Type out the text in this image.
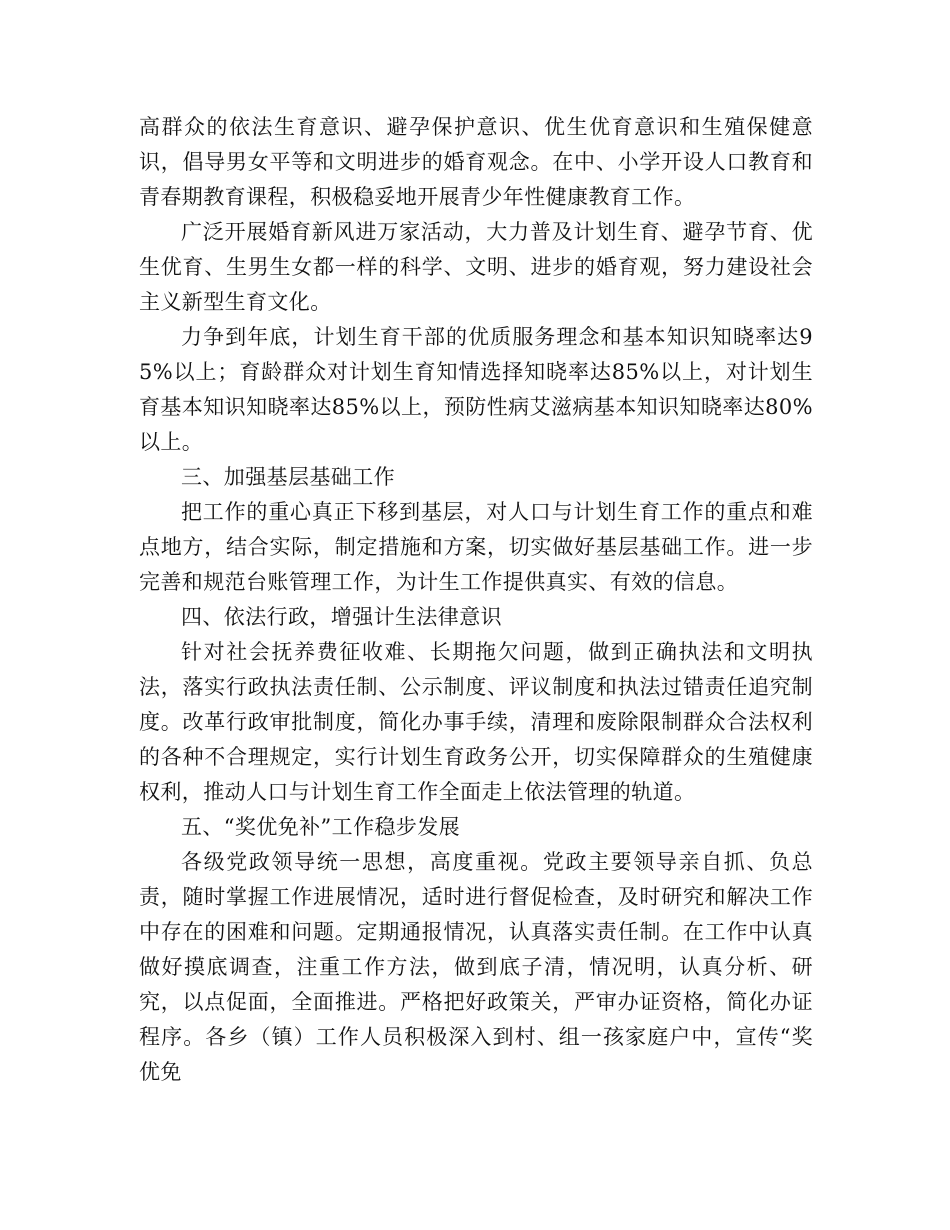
高群众的依法生育意识、避孕保护意识、优生优育意识和生殖保健意识，倡导男女平等和文明进步的婚育观念。在中、小学开设人口教育和青春期教育课程，积极稳妥地开展青少年性健康教育工作。

广泛开展婚育新风进万家活动，大力普及计划生育、避孕节育、优生优育、生男生女都一样的科学、文明、进步的婚育观，努力建设社会主义新型生育文化。

力争到年底，计划生育干部的优质服务理念和基本知识知晓率达95%以上；育龄群众对计划生育知情选择知晓率达85%以上，对计划生育基本知识知晓率达85%以上，预防性病艾滋病基本知识知晓率达80%以上。

三、加强基层基础工作

把工作的重心真正下移到基层，对人口与计划生育工作的重点和难点地方，结合实际，制定措施和方案，切实做好基层基础工作。进一步完善和规范台账管理工作，为计生工作提供真实、有效的信息。

四、依法行政，增强计生法律意识

针对社会抚养费征收难、长期拖欠问题，做到正确执法和文明执法，落实行政执法责任制、公示制度、评议制度和执法过错责任追究制度。改革行政审批制度，简化办事手续，清理和废除限制群众合法权利的各种不合理规定，实行计划生育政务公开，切实保障群众的生殖健康权利，推动人口与计划生育工作全面走上依法管理的轨道。

五、“奖优免补”工作稳步发展

各级党政领导统一思想，高度重视。党政主要领导亲自抓、负总责，随时掌握工作进展情况，适时进行督促检查，及时研究和解决工作中存在的困难和问题。定期通报情况，认真落实责任制。在工作中认真做好摸底调查，注重工作方法，做到底子清，情况明，认真分析、研究，以点促面，全面推进。严格把好政策关，严审办证资格，简化办证程序。各乡（镇）工作人员积极深入到村、组一孩家庭户中，宣传“奖优免
